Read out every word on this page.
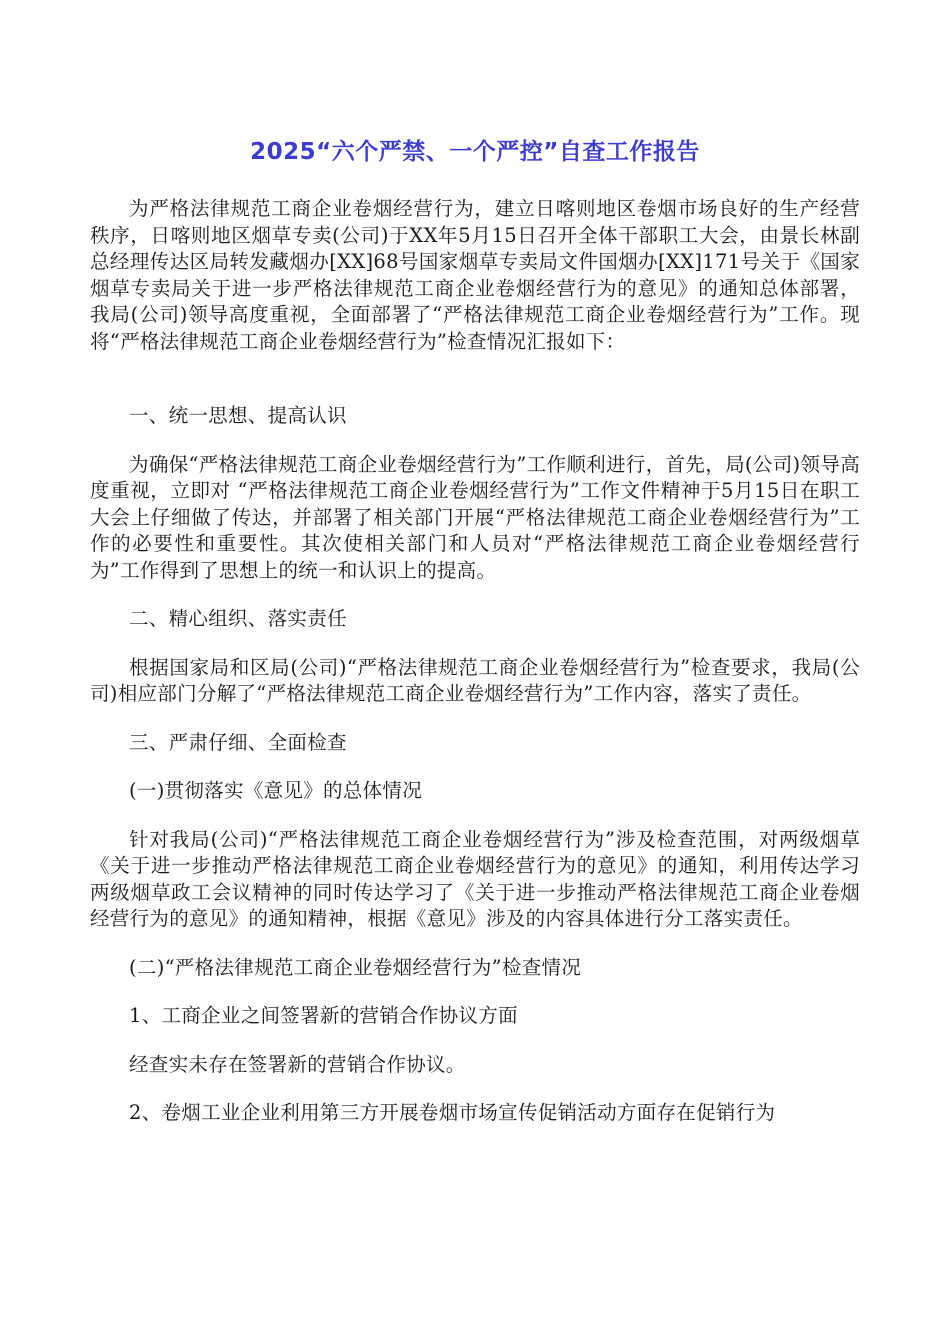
2025“六个严禁、一个严控”自查工作报告

为严格法律规范工商企业卷烟经营行为，建立日喀则地区卷烟市场良好的生产经营秩序，日喀则地区烟草专卖(公司)于XX年5月15日召开全体干部职工大会，由景长林副总经理传达区局转发藏烟办[XX]68号国家烟草专卖局文件国烟办[XX]171号关于《国家烟草专卖局关于进一步严格法律规范工商企业卷烟经营行为的意见》的通知总体部署，我局(公司)领导高度重视，全面部署了“严格法律规范工商企业卷烟经营行为”工作。现将“严格法律规范工商企业卷烟经营行为”检查情况汇报如下：

一、统一思想、提高认识

为确保“严格法律规范工商企业卷烟经营行为”工作顺利进行，首先，局(公司)领导高度重视，立即对 “严格法律规范工商企业卷烟经营行为”工作文件精神于5月15日在职工大会上仔细做了传达，并部署了相关部门开展“严格法律规范工商企业卷烟经营行为”工作的必要性和重要性。其次使相关部门和人员对“严格法律规范工商企业卷烟经营行为”工作得到了思想上的统一和认识上的提高。

二、精心组织、落实责任

根据国家局和区局(公司)“严格法律规范工商企业卷烟经营行为”检查要求，我局(公司)相应部门分解了“严格法律规范工商企业卷烟经营行为”工作内容，落实了责任。

三、严肃仔细、全面检查

(一)贯彻落实《意见》的总体情况

针对我局(公司)“严格法律规范工商企业卷烟经营行为”涉及检查范围，对两级烟草《关于进一步推动严格法律规范工商企业卷烟经营行为的意见》的通知，利用传达学习两级烟草政工会议精神的同时传达学习了《关于进一步推动严格法律规范工商企业卷烟经营行为的意见》的通知精神，根据《意见》涉及的内容具体进行分工落实责任。

(二)“严格法律规范工商企业卷烟经营行为”检查情况

1、工商企业之间签署新的营销合作协议方面

经查实未存在签署新的营销合作协议。

2、卷烟工业企业利用第三方开展卷烟市场宣传促销活动方面存在促销行为
